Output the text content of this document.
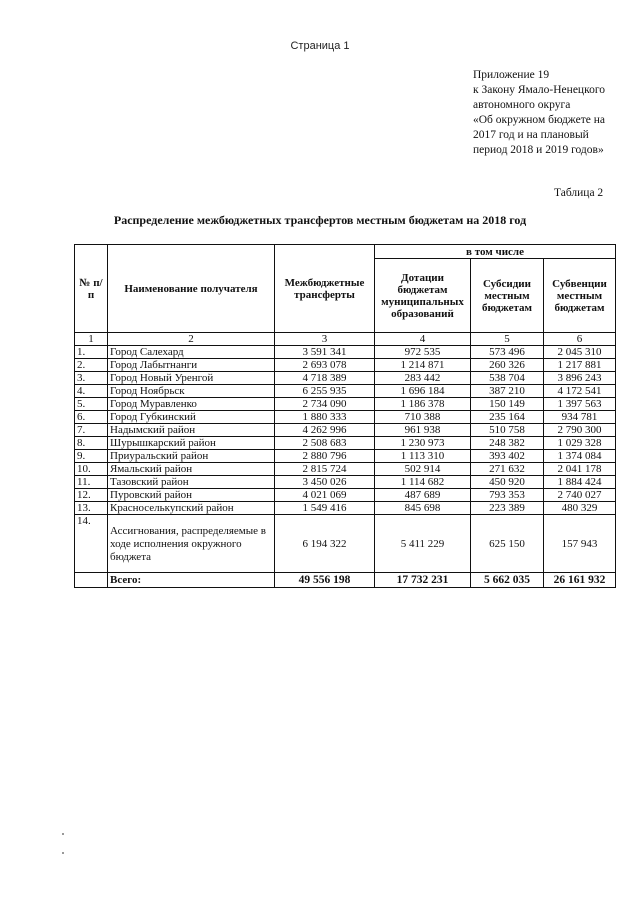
Страница 1
Приложение 19
к Закону Ямало-Ненецкого
автономного округа
«Об окружном бюджете на
2017 год и на плановый
период 2018 и 2019 годов»
Таблица 2
Распределение межбюджетных трансфертов местным бюджетам на 2018 год
№ п/п	Наименование получателя	Межбюджетные трансферты	в том числе		
			Дотации бюджетам муниципальных образований	Субсидии местным бюджетам	Субвенции местным бюджетам
1	2	3	4	5	6
1.	Город Салехард	3 591 341	972 535	573 496	2 045 310
2.	Город Лабытнанги	2 693 078	1 214 871	260 326	1 217 881
3.	Город Новый Уренгой	4 718 389	283 442	538 704	3 896 243
4.	Город Ноябрьск	6 255 935	1 696 184	387 210	4 172 541
5.	Город Муравленко	2 734 090	1 186 378	150 149	1 397 563
6.	Город Губкинский	1 880 333	710 388	235 164	934 781
7.	Надымский район	4 262 996	961 938	510 758	2 790 300
8.	Шурышкарский район	2 508 683	1 230 973	248 382	1 029 328
9.	Приуральский район	2 880 796	1 113 310	393 402	1 374 084
10.	Ямальский район	2 815 724	502 914	271 632	2 041 178
11.	Тазовский район	3 450 026	1 114 682	450 920	1 884 424
12.	Пуровский район	4 021 069	487 689	793 353	2 740 027
13.	Красноселькупский район	1 549 416	845 698	223 389	480 329
14.	Ассигнования, распределяемые в ходе исполнения окружного бюджета	6 194 322	5 411 229	625 150	157 943
	Всего:	49 556 198	17 732 231	5 662 035	26 161 932
